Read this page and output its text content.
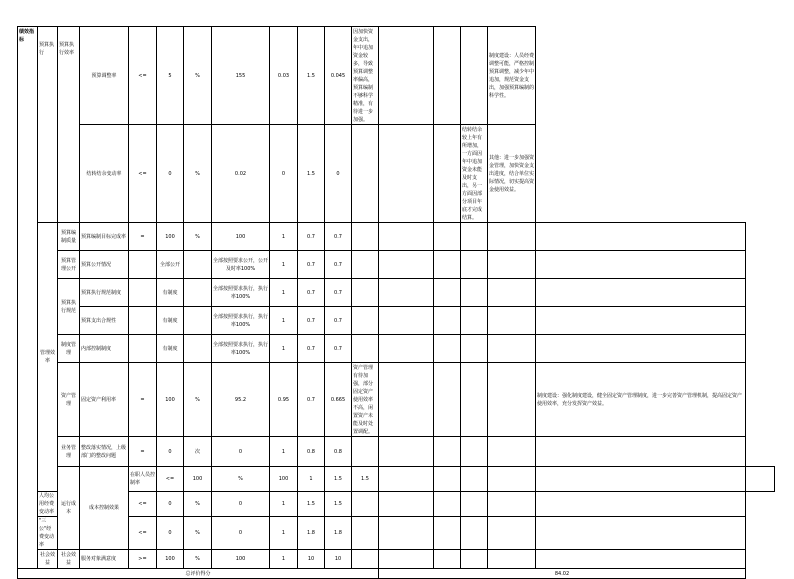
绩效指标	预算执行	预算执行效率	预算调整率	<=	5	%	155	0.03	1.5	0.045	因加快资金支出，年中追加资金较多，导致预算调整率偏高，预算编制不够科学精准，有待进一步加强。				制度建设：人员经费调整可能，严格控制预算调整，减少年中追加，规范资金支出，加强预算编制的科学性。		
			结转结余变动率	<=	0	%	0.02	0	1.5	0				结转结余较上年有所增加，一方面因年中追加资金未能及时支出，另一方面因部分项目年底才完成结算。	其他：进一步加强资金管理，加快资金支出进度，结合单位实际情况，切实提高资金使用效益。		
	管理效率	预算编制质量	预算编制目标完成率	=	100	%	100	1	0.7	0.7							
		预算管理公开	预算公开情况		全部公开		全部按照要求公开，公开及时率100%	1	0.7	0.7							
		预算执行规范	预算执行规范制度		有制度		全部按照要求执行，执行率100%	1	0.7	0.7							
			预算支出合规性		有制度		全部按照要求执行，执行率100%	1	0.7	0.7							
		制度管理	内部控制制度		有制度		全部按照要求执行，执行率100%	1	0.7	0.7							
		资产管理	固定资产利用率	=	100	%	95.2	0.95	0.7	0.665	资产管理有待加强，部分固定资产使用效率不高，闲置资产未能及时处置调配。					制度建设：强化制度建设，健全固定资产管理制度，进一步完善资产管理机制，提高固定资产使用效率，充分发挥资产效益。	
		业务管理	整改落实情况，上级部门的整改问题	=	0	次	0	1	0.8	0.8							
		运行成本	成本控制效果	在职人员控制率	<=	100	%	100	1	1.5	1.5						
	人均公用经费变动率			<=	0	%	0	1	1.5	1.5							
	"三公"经费变动率			<=	0	%	0	1	1.8	1.8							
	社会效益	社会效益	服务对象满意度	>=	100	%	100	1	10	10							
总评价得分												84.02					
